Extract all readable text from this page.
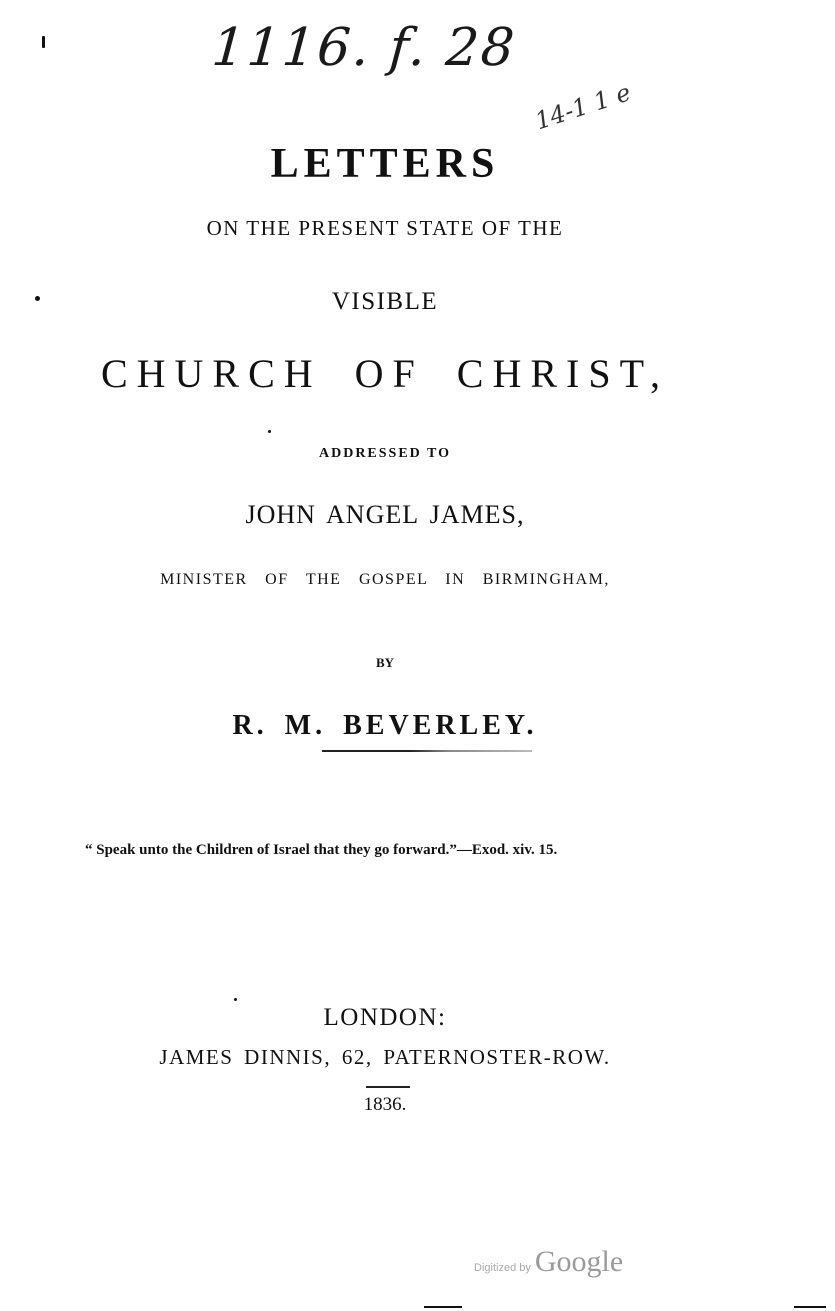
1116. f. 28
14-1 1 e
LETTERS
ON THE PRESENT STATE OF THE
VISIBLE
CHURCH OF CHRIST,
ADDRESSED TO
JOHN ANGEL JAMES,
MINISTER OF THE GOSPEL IN BIRMINGHAM,
BY
R. M. BEVERLEY.
“ Speak unto the Children of Israel that they go forward.”—Exod. xiv. 15.
LONDON:
JAMES DINNIS, 62, PATERNOSTER-ROW.
1836.
Digitized by Google
